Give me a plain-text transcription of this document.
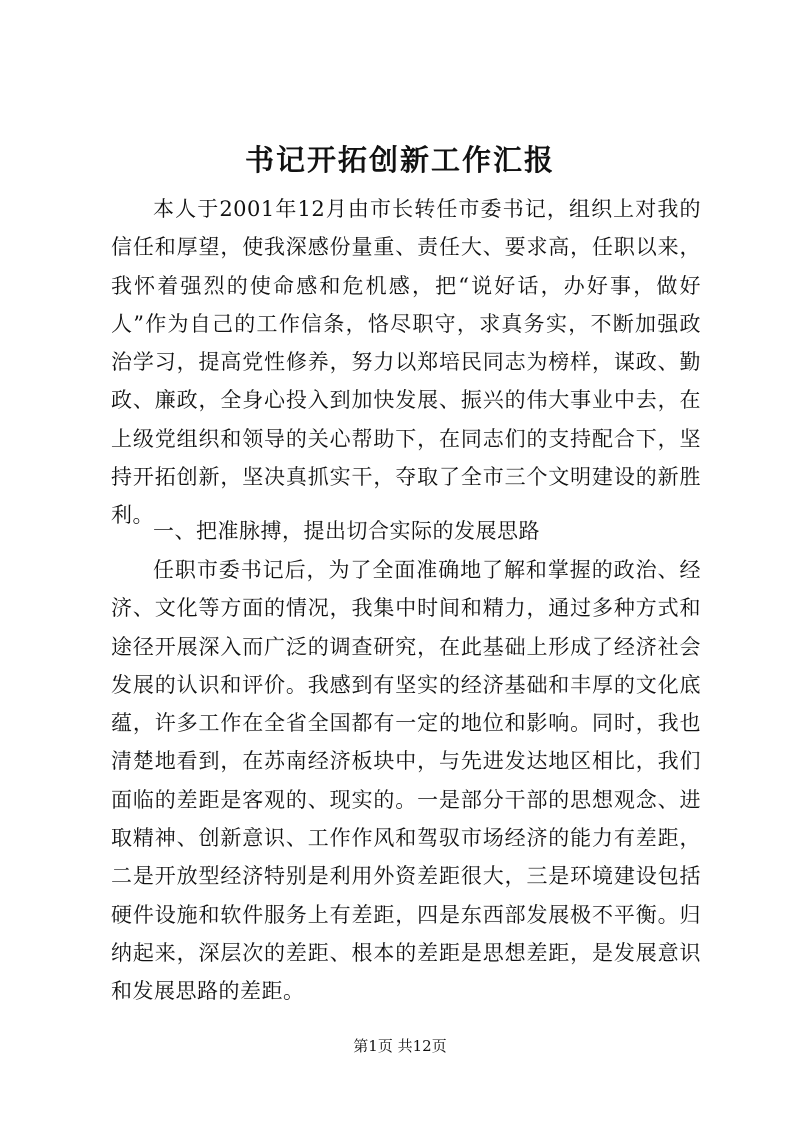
书记开拓创新工作汇报

本人于2001年12月由市长转任市委书记，组织上对我的信任和厚望，使我深感份量重、责任大、要求高，任职以来，我怀着强烈的使命感和危机感，把“说好话，办好事，做好人”作为自己的工作信条，恪尽职守，求真务实，不断加强政治学习，提高党性修养，努力以郑培民同志为榜样，谋政、勤政、廉政，全身心投入到加快发展、振兴的伟大事业中去，在上级党组织和领导的关心帮助下，在同志们的支持配合下，坚持开拓创新，坚决真抓实干，夺取了全市三个文明建设的新胜利。

一、把准脉搏，提出切合实际的发展思路

任职市委书记后，为了全面准确地了解和掌握的政治、经济、文化等方面的情况，我集中时间和精力，通过多种方式和途径开展深入而广泛的调查研究，在此基础上形成了经济社会发展的认识和评价。我感到有坚实的经济基础和丰厚的文化底蕴，许多工作在全省全国都有一定的地位和影响。同时，我也清楚地看到，在苏南经济板块中，与先进发达地区相比，我们面临的差距是客观的、现实的。一是部分干部的思想观念、进取精神、创新意识、工作作风和驾驭市场经济的能力有差距，二是开放型经济特别是利用外资差距很大，三是环境建设包括硬件设施和软件服务上有差距，四是东西部发展极不平衡。归纳起来，深层次的差距、根本的差距是思想差距，是发展意识和发展思路的差距。

第1页 共12页
